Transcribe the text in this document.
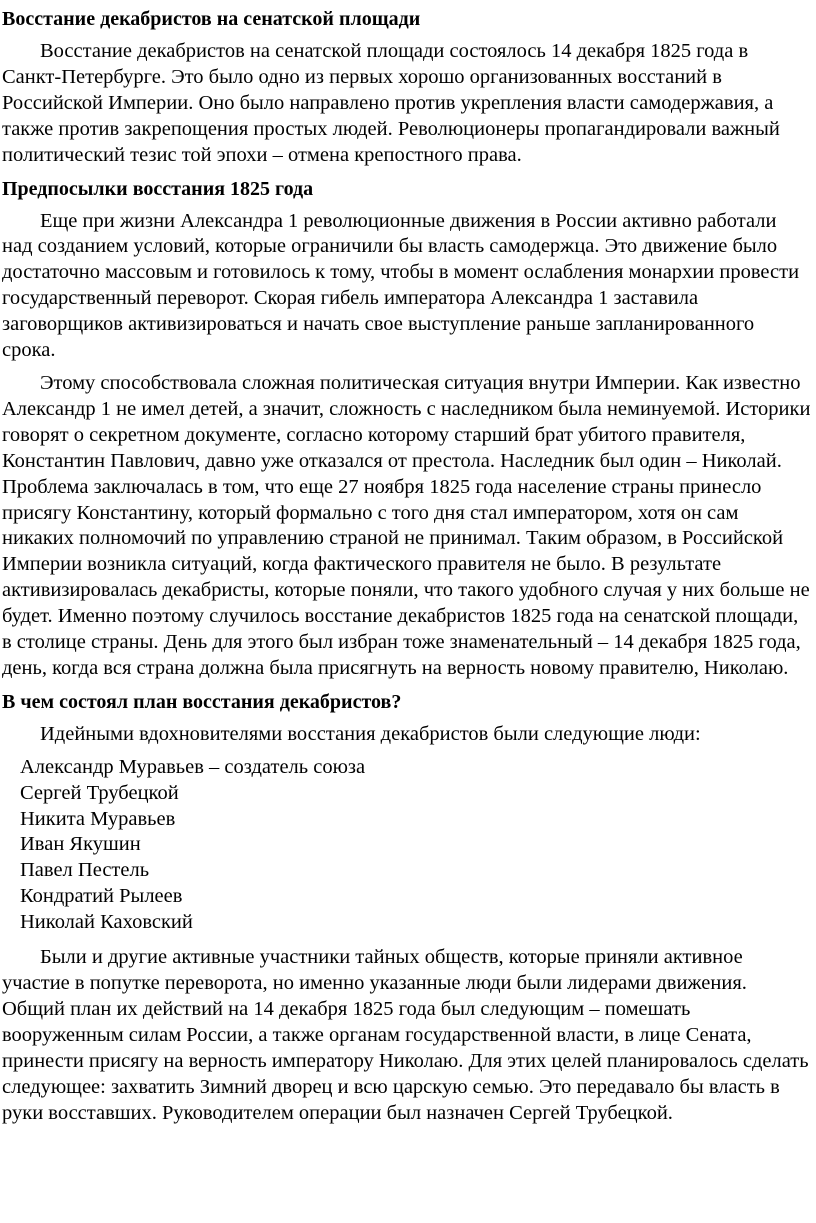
Восстание декабристов на сенатской площади

Восстание декабристов на сенатской площади состоялось 14 декабря 1825 года в Санкт-Петербурге. Это было одно из первых хорошо организованных восстаний в Российской Империи. Оно было направлено против укрепления власти самодержавия, а также против закрепощения простых людей. Революционеры пропагандировали важный политический тезис той эпохи – отмена крепостного права.

Предпосылки восстания 1825 года

Еще при жизни Александра 1 революционные движения в России активно работали над созданием условий, которые ограничили бы власть самодержца. Это движение было достаточно массовым и готовилось к тому, чтобы в момент ослабления монархии провести государственный переворот. Скорая гибель императора Александра 1 заставила заговорщиков активизироваться и начать свое выступление раньше запланированного срока.

Этому способствовала сложная политическая ситуация внутри Империи. Как известно Александр 1 не имел детей, а значит, сложность с наследником была неминуемой. Историки говорят о секретном документе, согласно которому старший брат убитого правителя, Константин Павлович, давно уже отказался от престола. Наследник был один – Николай. Проблема заключалась в том, что еще 27 ноября 1825 года население страны принесло присягу Константину, который формально с того дня стал императором, хотя он сам никаких полномочий по управлению страной не принимал. Таким образом, в Российской Империи возникла ситуаций, когда фактического правителя не было. В результате активизировалась декабристы, которые поняли, что такого удобного случая у них больше не будет. Именно поэтому случилось восстание декабристов 1825 года на сенатской площади, в столице страны. День для этого был избран тоже знаменательный – 14 декабря 1825 года, день, когда вся страна должна была присягнуть на верность новому правителю, Николаю.

В чем состоял план восстания декабристов?

Идейными вдохновителями восстания декабристов были следующие люди:

Александр Муравьев – создатель союза
Сергей Трубецкой
Никита Муравьев
Иван Якушин
Павел Пестель
Кондратий Рылеев
Николай Каховский

Были и другие активные участники тайных обществ, которые приняли активное участие в попутке переворота, но именно указанные люди были лидерами движения. Общий план их действий на 14 декабря 1825 года был следующим – помешать вооруженным силам России, а также органам государственной власти, в лице Сената, принести присягу на верность императору Николаю. Для этих целей планировалось сделать следующее: захватить Зимний дворец и всю царскую семью. Это передавало бы власть в руки восставших. Руководителем операции был назначен Сергей Трубецкой.
